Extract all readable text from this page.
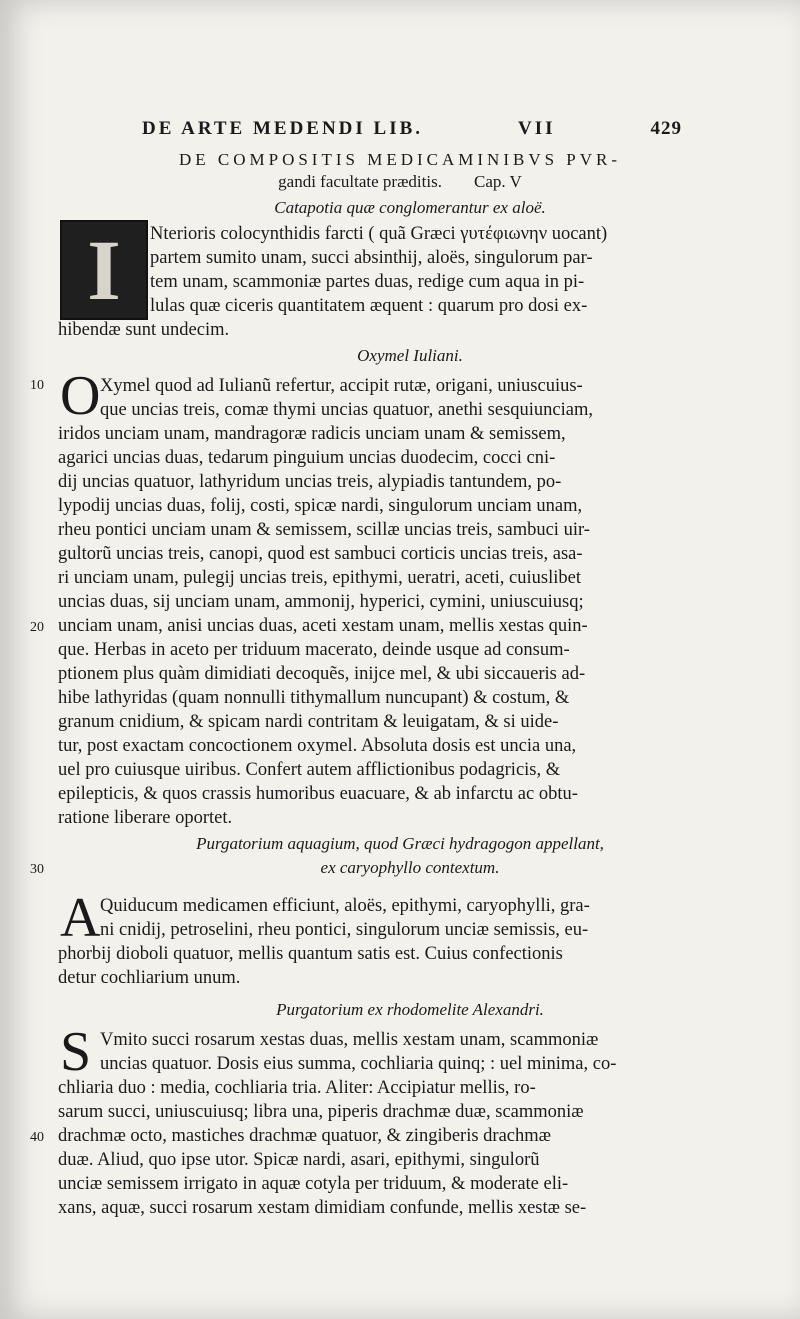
DE ARTE MEDENDI LIB.	VII	429
DE COMPOSITIS MEDICAMINIBVS PVR-
gandi facultate præditis. Cap. V
Catapotia quæ conglomerantur ex aloë.
I	Nterioris colocynthidis farcti ( quã Græci γυτέφιωνην uocant)
partem sumito unam, succi absinthij, aloës, singulorum par-
tem unam, scammoniæ partes duas, redige cum aqua in pi-
lulas quæ ciceris quantitatem æquent : quarum pro dosi ex-
hibendæ sunt undecim.
Oxymel Iuliani.
10 O Xymel quod ad Iulianũ refertur, accipit rutæ, origani, uniuscuius-
que uncias treis, comæ thymi uncias quatuor, anethi sesquiunciam,
iridos unciam unam, mandragoræ radicis unciam unam & semissem,
agarici uncias duas, tedarum pinguium uncias duodecim, cocci cni-
dij uncias quatuor, lathyridum uncias treis, alypiadis tantundem, po-
lypodij uncias duas, folij, costi, spicæ nardi, singulorum unciam unam,
rheu pontici unciam unam & semissem, scillæ uncias treis, sambuci uir-
gultorũ uncias treis, canopi, quod est sambuci corticis uncias treis, asa-
ri unciam unam, pulegij uncias treis, epithymi, ueratri, aceti, cuiuslibet
uncias duas, sij unciam unam, ammonij, hyperici, cymini, uniuscuiusq;
20 unciam unam, anisi uncias duas, aceti xestam unam, mellis xestas quin-
que. Herbas in aceto per triduum macerato, deinde usque ad consum-
ptionem plus quàm dimidiati decoquẽs, inijce mel, & ubi siccaueris ad-
hibe lathyridas (quam nonnulli tithymallum nuncupant) & costum, &
granum cnidium, & spicam nardi contritam & leuigatam, & si uide-
tur, post exactam concoctionem oxymel. Absoluta dosis est uncia una,
uel pro cuiusque uiribus. Confert autem afflictionibus podagricis, &
epilepticis, & quos crassis humoribus euacuare, & ab infarctu ac obtu-
ratione liberare oportet.
Purgatorium aquagium, quod Græci hydragogon appellant,
30	ex caryophyllo contextum.
A Quiducum medicamen efficiunt, aloës, epithymi, caryophylli, gra-
ni cnidij, petroselini, rheu pontici, singulorum unciæ semissis, eu-
phorbij dioboli quatuor, mellis quantum satis est. Cuius confectionis
detur cochliarium unum.
Purgatorium ex rhodomelite Alexandri.
S Vmito succi rosarum xestas duas, mellis xestam unam, scammoniæ
uncias quatuor. Dosis eius summa, cochliaria quinq; : uel minima, co-
chliaria duo : media, cochliaria tria. Aliter: Accipiatur mellis, ro-
sarum succi, uniuscuiusq; libra una, piperis drachmæ duæ, scammoniæ
40 drachmæ octo, mastiches drachmæ quatuor, & zingiberis drachmæ
duæ. Aliud, quo ipse utor. Spicæ nardi, asari, epithymi, singulorũ
unciæ semissem irrigato in aquæ cotyla per triduum, & moderate eli-
xans, aquæ, succi rosarum xestam dimidiam confunde, mellis xestæ se-
